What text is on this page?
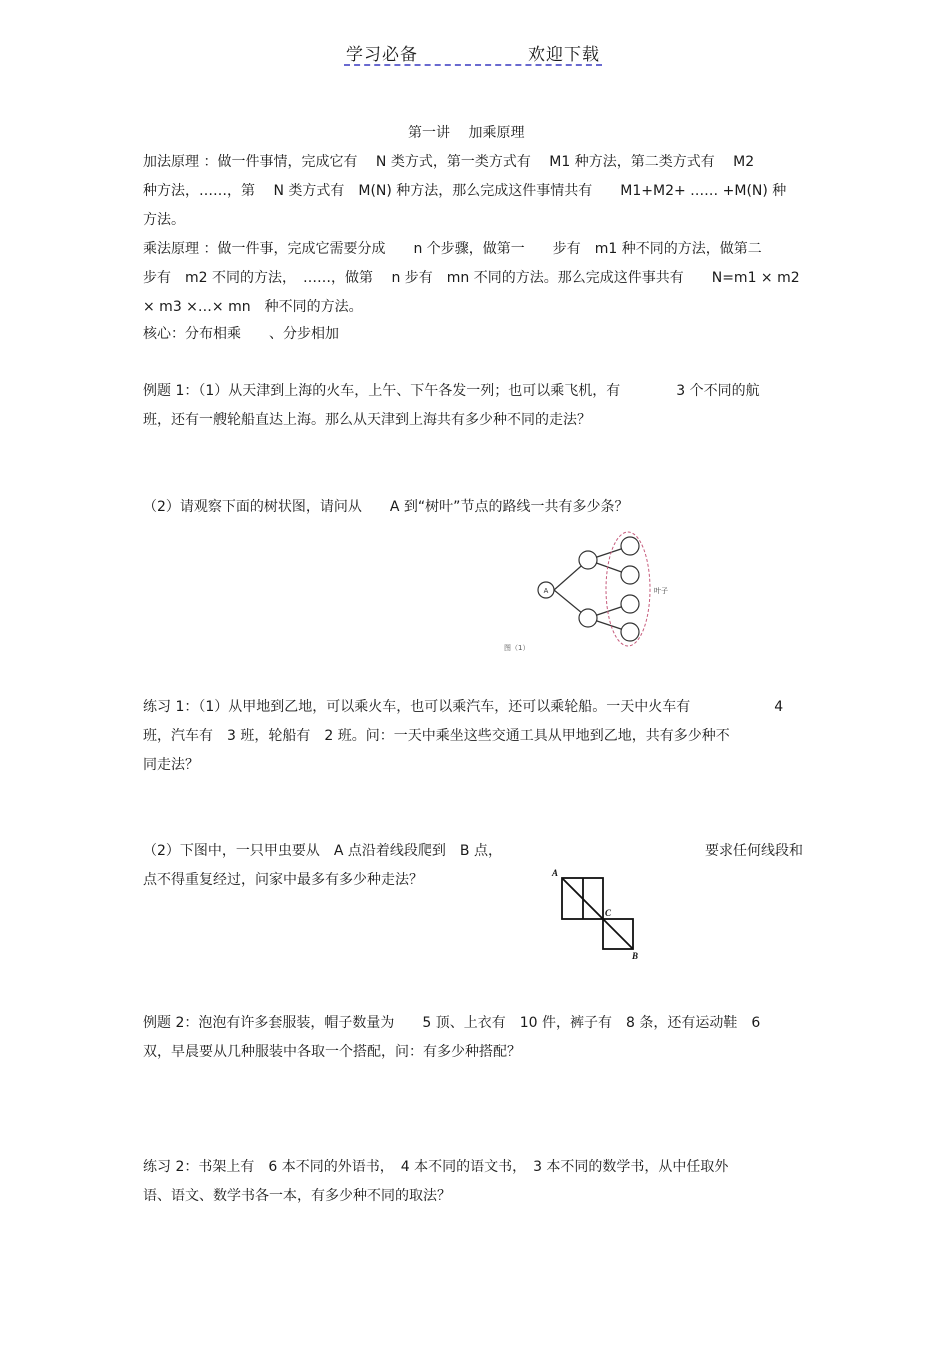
学习必备	欢迎下载
第一讲　 加乘原理
加法原理 ：做一件事情，完成它有　 N 类方式，第一类方式有　 M1 种方法，第二类方式有　 M2
种方法，……，第　 N 类方式有　M(N) 种方法，那么完成这件事情共有　　M1+M2+ …… +M(N) 种
方法。
乘法原理 ：做一件事，完成它需要分成　　n 个步骤，做第一　　步有　m1 种不同的方法，做第二
步有　m2 不同的方法，　……，做第　 n 步有　mn 不同的方法。那么完成这件事共有　　N=m1 × m2
× m3 ×…× mn　种不同的方法。
核心：分布相乘　　、分步相加
例题 1：（1）从天津到上海的火车，上午、下午各发一列；也可以乘飞机，有　　　　3 个不同的航
班，还有一艘轮船直达上海。那么从天津到上海共有多少种不同的走法？
（2）请观察下面的树状图，请问从　　A 到“树叶”节点的路线一共有多少条？
A	叶子
图（1）
练习 1：（1）从甲地到乙地，可以乘火车，也可以乘汽车，还可以乘轮船。一天中火车有　　　　　　4
班，汽车有　3 班，轮船有　2 班。问：一天中乘坐这些交通工具从甲地到乙地，共有多少种不
同走法？
（2）下图中，一只甲虫要从　A 点沿着线段爬到　B 点，　　　　　　　　　　　　　　　要求任何线段和
点不得重复经过，问家中最多有多少种走法？	A
C
B
例题 2：泡泡有许多套服装，帽子数量为　　5 顶、上衣有　10 件，裤子有　8 条，还有运动鞋　6
双，早晨要从几种服装中各取一个搭配，问：有多少种搭配？
练习 2：书架上有　6 本不同的外语书，　4 本不同的语文书，　3 本不同的数学书，从中任取外
语、语文、数学书各一本，有多少种不同的取法？
